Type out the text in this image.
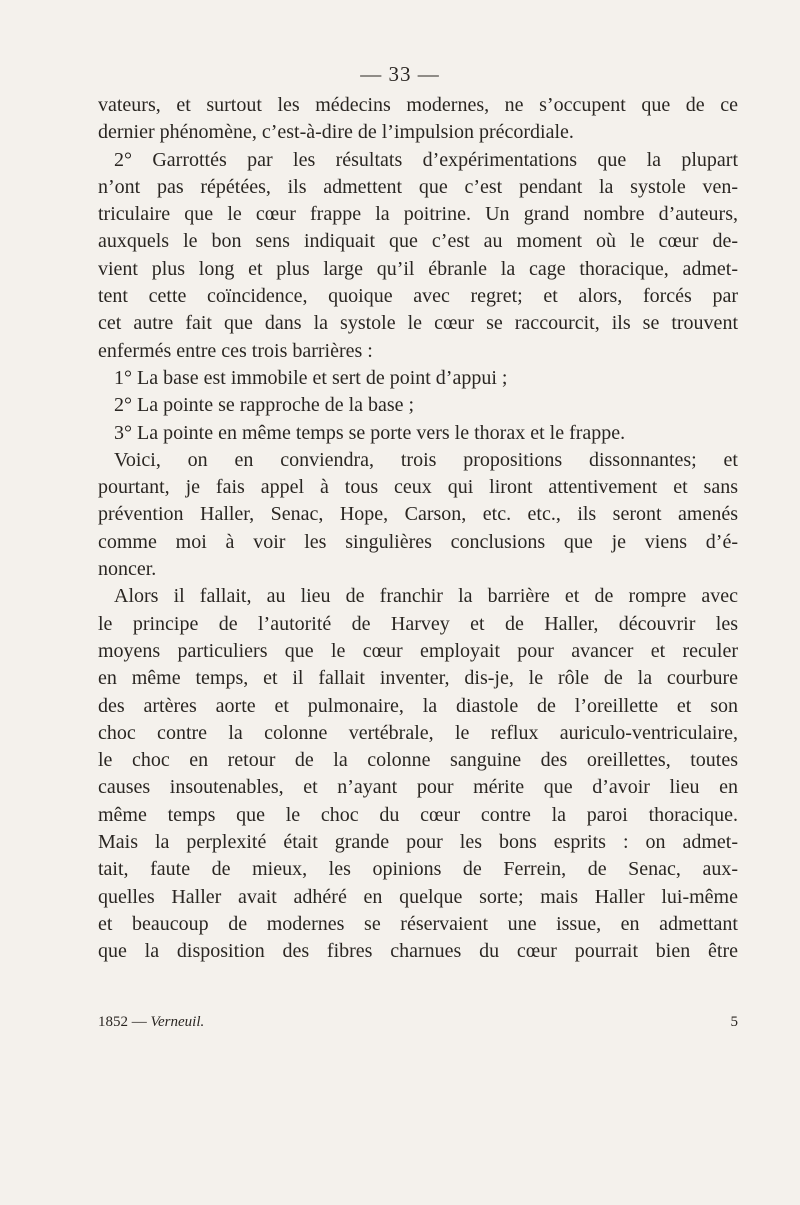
— 33 —
vateurs, et surtout les médecins modernes, ne s’occupent que de ce
dernier phénomène, c’est-à-dire de l’impulsion précordiale.
2° Garrottés par les résultats d’expérimentations que la plupart
n’ont pas répétées, ils admettent que c’est pendant la systole ven-
triculaire que le cœur frappe la poitrine. Un grand nombre d’auteurs,
auxquels le bon sens indiquait que c’est au moment où le cœur de-
vient plus long et plus large qu’il ébranle la cage thoracique, admet-
tent cette coïncidence, quoique avec regret; et alors, forcés par
cet autre fait que dans la systole le cœur se raccourcit, ils se trouvent
enfermés entre ces trois barrières :
1° La base est immobile et sert de point d’appui ;
2° La pointe se rapproche de la base ;
3° La pointe en même temps se porte vers le thorax et le frappe.
Voici, on en conviendra, trois propositions dissonnantes; et
pourtant, je fais appel à tous ceux qui liront attentivement et sans
prévention Haller, Senac, Hope, Carson, etc. etc., ils seront amenés
comme moi à voir les singulières conclusions que je viens d’é-
noncer.
Alors il fallait, au lieu de franchir la barrière et de rompre avec
le principe de l’autorité de Harvey et de Haller, découvrir les
moyens particuliers que le cœur employait pour avancer et reculer
en même temps, et il fallait inventer, dis-je, le rôle de la courbure
des artères aorte et pulmonaire, la diastole de l’oreillette et son
choc contre la colonne vertébrale, le reflux auriculo-ventriculaire,
le choc en retour de la colonne sanguine des oreillettes, toutes
causes insoutenables, et n’ayant pour mérite que d’avoir lieu en
même temps que le choc du cœur contre la paroi thoracique.
Mais la perplexité était grande pour les bons esprits : on admet-
tait, faute de mieux, les opinions de Ferrein, de Senac, aux-
quelles Haller avait adhéré en quelque sorte; mais Haller lui-même
et beaucoup de modernes se réservaient une issue, en admettant
que la disposition des fibres charnues du cœur pourrait bien être
1852 — Verneuil.	5
